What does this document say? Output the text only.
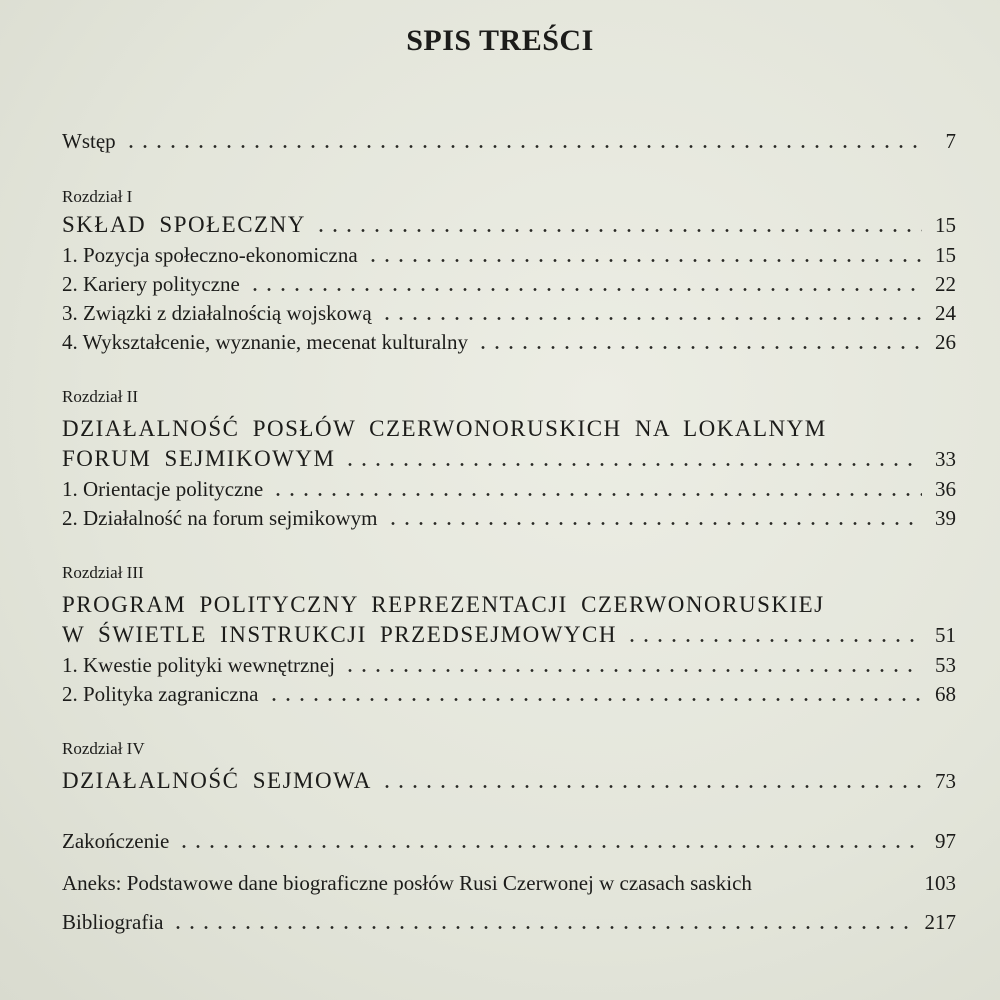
SPIS TREŚCI
Wstęp	7
Rozdział I
SKŁAD SPOŁECZNY	15
1. Pozycja społeczno-ekonomiczna	15
2. Kariery polityczne	22
3. Związki z działalnością wojskową	24
4. Wykształcenie, wyznanie, mecenat kulturalny	26
Rozdział II
DZIAŁALNOŚĆ POSŁÓW CZERWONORUSKICH NA LOKALNYM
FORUM SEJMIKOWYM	33
1. Orientacje polityczne	36
2. Działalność na forum sejmikowym	39
Rozdział III
PROGRAM POLITYCZNY REPREZENTACJI CZERWONORUSKIEJ
W ŚWIETLE INSTRUKCJI PRZEDSEJMOWYCH	51
1. Kwestie polityki wewnętrznej	53
2. Polityka zagraniczna	68
Rozdział IV
DZIAŁALNOŚĆ SEJMOWA	73
Zakończenie	97
Aneks: Podstawowe dane biograficzne posłów Rusi Czerwonej w czasach saskich	103
Bibliografia	217
